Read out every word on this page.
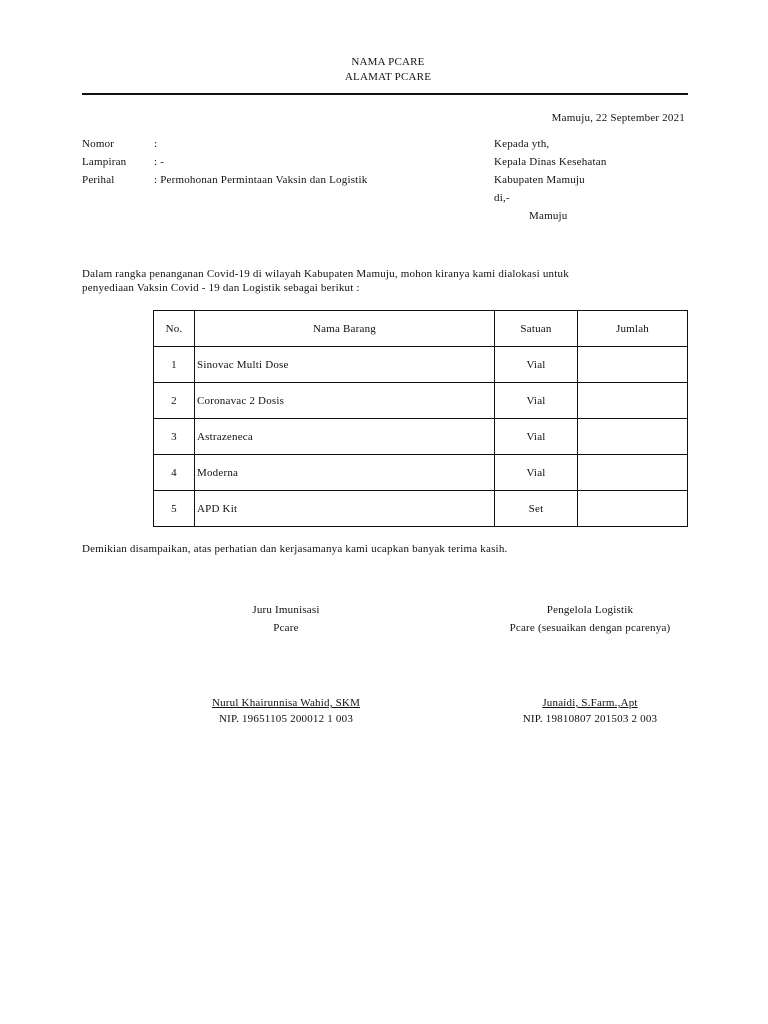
NAMA PCARE
ALAMAT PCARE
Mamuju, 22 September 2021
Nomor	:
Lampiran	: -
Perihal	: Permohonan Permintaan Vaksin dan Logistik
Kepada yth,
Kepala Dinas Kesehatan
Kabupaten Mamuju
di,-
Mamuju
Dalam rangka penanganan Covid-19 di wilayah Kabupaten Mamuju, mohon kiranya kami dialokasi untuk
penyediaan Vaksin Covid - 19 dan Logistik sebagai berikut :
No.	Nama Barang	Satuan	Jumlah
1	Sinovac Multi Dose	Vial	
2	Coronavac 2 Dosis	Vial	
3	Astrazeneca	Vial	
4	Moderna	Vial	
5	APD Kit	Set	
Demikian disampaikan, atas perhatian dan kerjasamanya kami ucapkan banyak terima kasih.
Juru Imunisasi
Pcare
Nurul Khairunnisa Wahid, SKM
NIP. 19651105 200012 1 003
Pengelola Logistik
Pcare (sesuaikan dengan pcarenya)
Junaidi, S.Farm.,Apt
NIP. 19810807 201503 2 003
